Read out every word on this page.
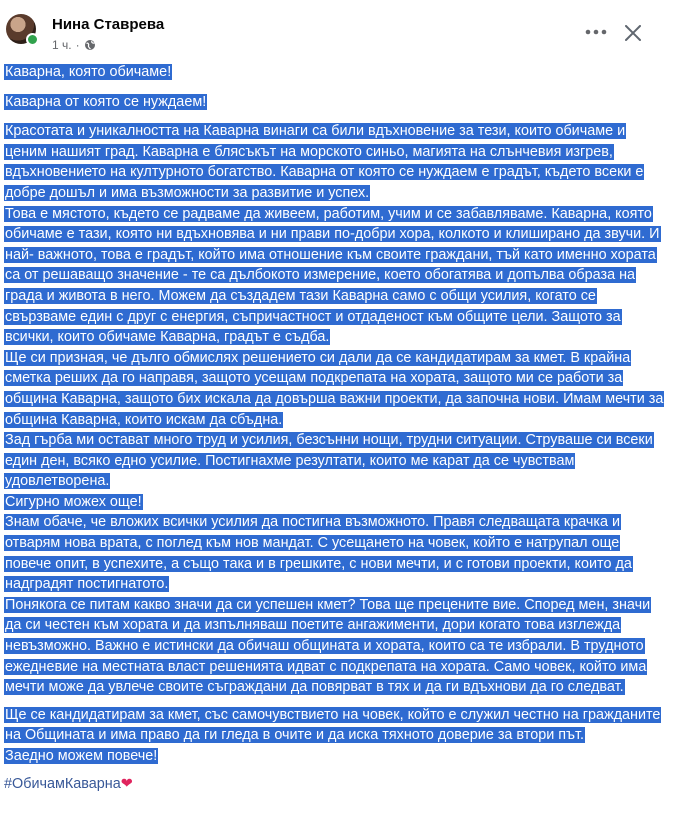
Нина Ставрева
1 ч. ·

Каварна, която обичаме!

Каварна от която се нуждаем!

Красотата и уникалността на Каварна винаги са били вдъхновение за тези, които обичаме и ценим нашият град. Каварна е блясъкът на морското синьо, магията на слънчевия изгрев, вдъхновението на културното богатство. Каварна от която се нуждаем е градът, където всеки е добре дошъл и има възможности за развитие и успех.
Това е мястото, където се радваме да живеем, работим, учим и се забавляваме. Каварна, която обичаме е тази, която ни вдъхновява и ни прави по-добри хора, колкото и клиширано да звучи. И най- важното, това е градът, който има отношение към своите граждани, тъй като именно хората са от решаващо значение - те са дълбокото измерение, което обогатява и допълва образа на града и живота в него. Можем да създадем тази Каварна само с общи усилия, когато се свързваме един с друг с енергия, съпричастност и отдаденост към общите цели. Защото за всички, които обичаме Каварна, градът е съдба.
Ще си призная, че дълго обмислях решението си дали да се кандидатирам за кмет. В крайна сметка реших да го направя, защото усещам подкрепата на хората, защото ми се работи за община Каварна, защото бих искала да довърша важни проекти, да започна нови. Имам мечти за община Каварна, които искам да сбъдна.
Зад гърба ми остават много труд и усилия, безсънни нощи, трудни ситуации. Струваше си всеки един ден, всяко едно усилие. Постигнахме резултати, които ме карат да се чувствам удовлетворена.
Сигурно можех още!
Знам обаче, че вложих всички усилия да постигна възможното. Правя следващата крачка и отварям нова врата, с поглед към нов мандат. С усещането на човек, който е натрупал още повече опит, в успехите, а също така и в грешките, с нови мечти, и с готови проекти, които да надградят постигнатото.
Понякога се питам какво значи да си успешен кмет? Това ще прецените вие. Според мен, значи да си честен към хората и да изпълняваш поетите ангажименти, дори когато това изглежда невъзможно. Важно е истински да обичаш общината и хората, които са те избрали. В трудното ежедневие на местната власт решенията идват с подкрепата на хората. Само човек, който има мечти може да увлече своите съграждани да повярват в тях и да ги вдъхнови да го следват.

Ще се кандидатирам за кмет, със самочувствието на човек, който е служил честно на гражданите на Общината и има право да ги гледа в очите и да иска тяхното доверие за втори път.
Заедно можем повече!

#ОбичамКаварна❤
